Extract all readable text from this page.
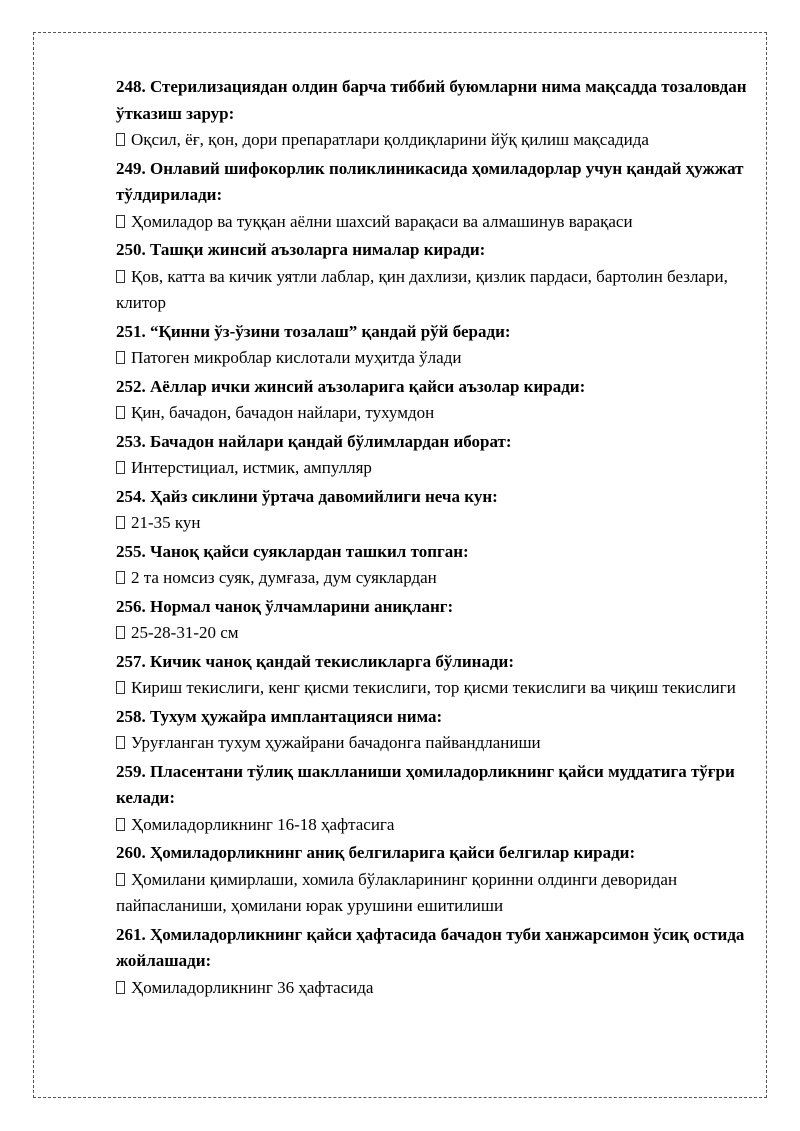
248. Стерилизациядан олдин барча тиббий буюмларни нима мақсадда тозаловдан ўтказиш зарур:

Оқсил, ёғ, қон, дори препаратлари қолдиқларини йўқ қилиш мақсадида

249. Онлавий шифокорлик поликлиникасида ҳомиладорлар учун қандай ҳужжат тўлдирилади:

Ҳомиладор ва туққан аёлни шахсий варақаси ва алмашинув варақаси

250. Ташқи жинсий аъзоларга нималар киради:

Қов, катта ва кичик уятли лаблар, қин дахлизи, қизлик пардаси, бартолин безлари, клитор

251. “Қинни ўз-ўзини тозалаш” қандай рўй беради:

Патоген микроблар кислотали муҳитда ўлади

252. Аёллар ички жинсий аъзоларига қайси аъзолар киради:

Қин, бачадон, бачадон найлари, тухумдон

253. Бачадон найлари қандай бўлимлардан иборат:

Интерстициал, истмик, ампулляр

254. Ҳайз сиклини ўртача давомийлиги неча кун:

21-35 кун

255. Чаноқ қайси суяклардан ташкил топган:

2 та номсиз суяк, думғаза, дум суяклардан

256. Нормал чаноқ ўлчамларини аниқланг:

25-28-31-20 см

257. Кичик чаноқ қандай текисликларга бўлинади:

Кириш текислиги, кенг қисми текислиги, тор қисми текислиги ва чиқиш текислиги

258. Тухум ҳужайра имплантацияси нима:

Уруғланган тухум ҳужайрани бачадонга пайвандланиши

259. Пласентани тўлиқ шаклланиши ҳомиладорликнинг қайси муддатига тўғри келади:

Ҳомиладорликнинг 16-18 ҳафтасига

260. Ҳомиладорликнинг аниқ белгиларига қайси белгилар киради:

Ҳомилани қимирлаши, хомила бўлакларининг қоринни олдинги деворидан пайпасланиши, ҳомилани юрак урушини ешитилиши

261. Ҳомиладорликнинг қайси ҳафтасида бачадон туби ханжарсимон ўсиқ остида жойлашади:

Ҳомиладорликнинг 36 ҳафтасида
